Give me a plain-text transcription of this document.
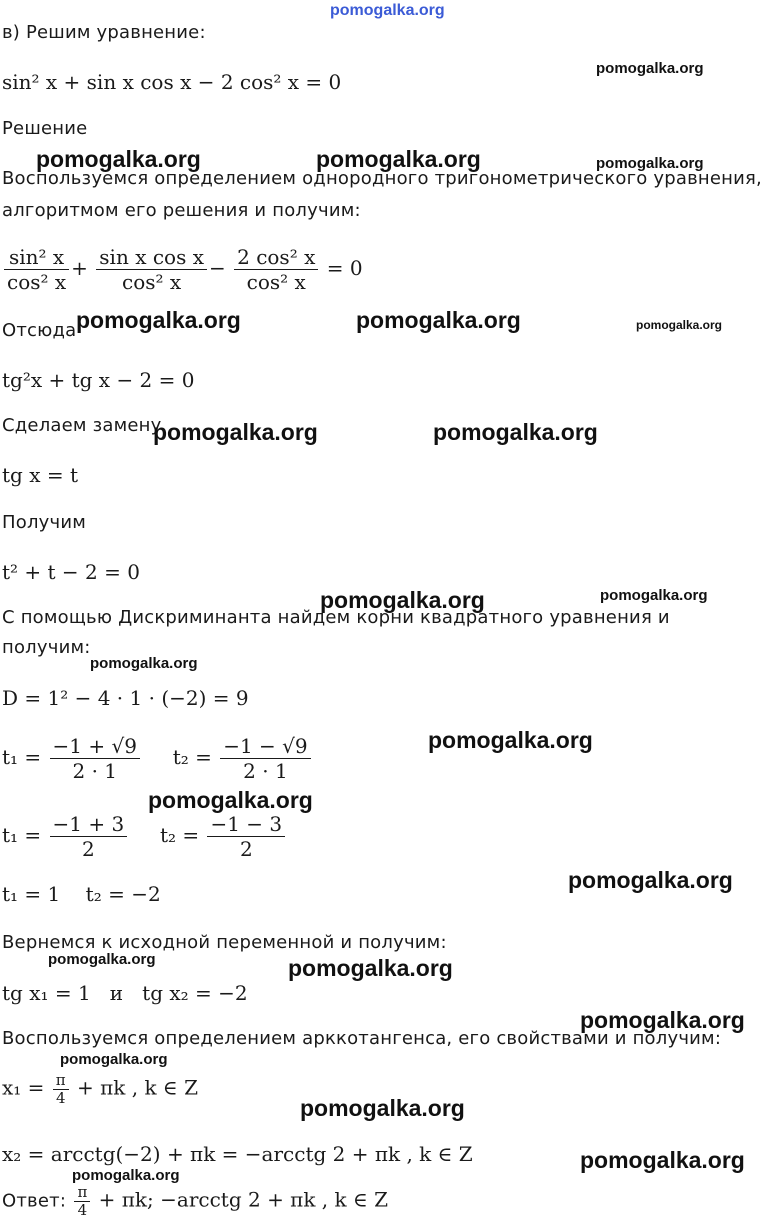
pomogalka.org
в) Решим уравнение:
sin² x + sin x cos x − 2 cos² x = 0
Решение
Воспользуемся определением однородного тригонометрического уравнения,
алгоритмом его решения и получим:
$\frac{\text{sin² x}}{\text{cos² x}} + \frac{\text{sin x cos x}}{\text{cos² x}} - \frac{\text{2 cos² x}}{\text{cos² x}} = 0$
Отсюда
tg²x + tg x − 2 = 0
Сделаем замену
tg x = t
Получим
t² + t − 2 = 0
С помощью Дискриминанта найдем корни квадратного уравнения и
получим:
D = 1² − 4 · 1 · (−2) = 9
$t_1 = \frac{-1 + √9}{2 \cdot 1} t_2 = \frac{-1 - √9}{2 \cdot 1}$
$t_1 = \frac{-1 + 3}{2} t_2 = \frac{-1 - 3}{2}$
t₁ = 1    t₂ = −2
Вернемся к исходной переменной и получим:
tg x₁ = 1   и   tg x₂ = −2
Воспользуемся определением арккотангенса, его свойствами и получим:
$x_1 = \frac{\pi}{4} + \pi k$ , k ∈ Z
x₂ = arcctg(−2) + πk = −arcctg 2 + πk , k ∈ Z
Ответ: $\frac{\pi}{4} + \pi k$; −arcctg 2 + πk , k ∈ Z
pomogalka.org
pomogalka.org	pomogalka.org	pomogalka.org
pomogalka.org	pomogalka.org	pomogalka.org
pomogalka.org	pomogalka.org
pomogalka.org	pomogalka.org
pomogalka.org
pomogalka.org
pomogalka.org
pomogalka.org
pomogalka.org	pomogalka.org
pomogalka.org
pomogalka.org
pomogalka.org
pomogalka.org
pomogalka.org
